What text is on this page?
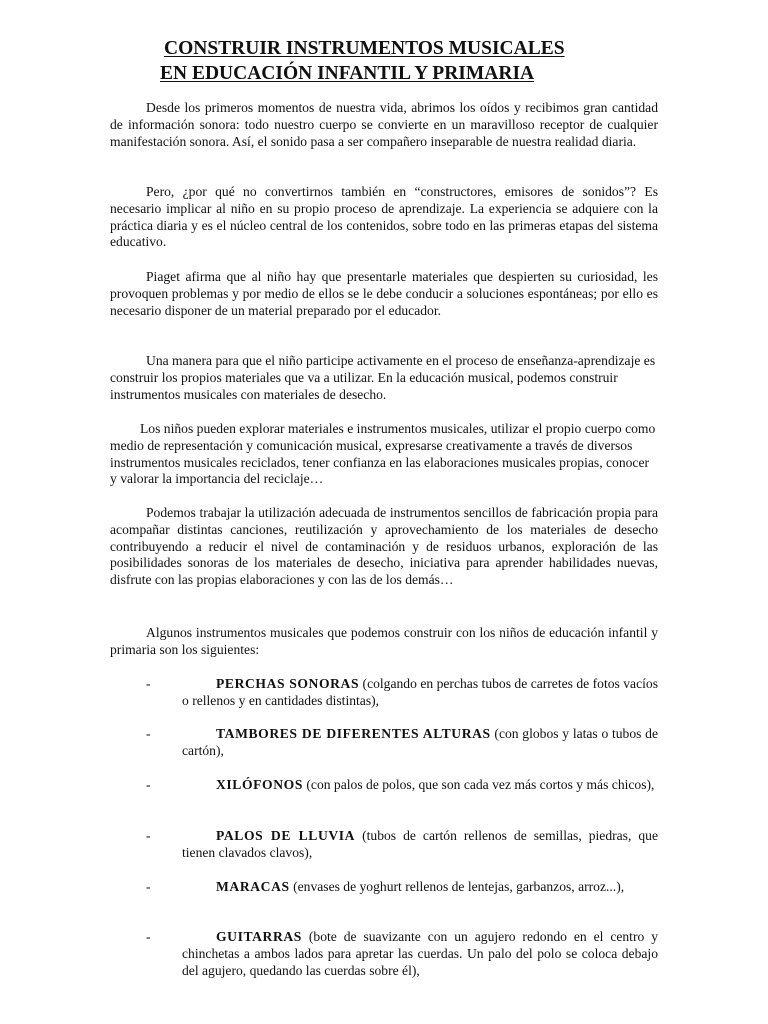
CONSTRUIR INSTRUMENTOS MUSICALES
EN EDUCACIÓN INFANTIL Y PRIMARIA

Desde los primeros momentos de nuestra vida, abrimos los oídos y recibimos gran cantidad de información sonora: todo nuestro cuerpo se convierte en un maravilloso receptor de cualquier manifestación sonora. Así, el sonido pasa a ser compañero inseparable de nuestra realidad diaria.

Pero, ¿por qué no convertirnos también en “constructores, emisores de sonidos”? Es necesario implicar al niño en su propio proceso de aprendizaje. La experiencia se adquiere con la práctica diaria y es el núcleo central de los contenidos, sobre todo en las primeras etapas del sistema educativo.

Piaget afirma que al niño hay que presentarle materiales que despierten su curiosidad, les provoquen problemas y por medio de ellos se le debe conducir a soluciones espontáneas; por ello es necesario disponer de un material preparado por el educador.

Una manera para que el niño participe activamente en el proceso de enseñanza-aprendizaje es construir los propios materiales que va a utilizar. En la educación musical, podemos construir instrumentos musicales con materiales de desecho.

Los niños pueden explorar materiales e instrumentos musicales, utilizar el propio cuerpo como medio de representación y comunicación musical, expresarse creativamente a través de diversos instrumentos musicales reciclados, tener confianza en las elaboraciones musicales propias, conocer y valorar la importancia del reciclaje…

Podemos trabajar la utilización adecuada de instrumentos sencillos de fabricación propia para acompañar distintas canciones, reutilización y aprovechamiento de los materiales de desecho contribuyendo a reducir el nivel de contaminación y de residuos urbanos, exploración de las posibilidades sonoras de los materiales de desecho, iniciativa para aprender habilidades nuevas, disfrute con las propias elaboraciones y con las de los demás…

Algunos instrumentos musicales que podemos construir con los niños de educación infantil y primaria son los siguientes:

-	PERCHAS SONORAS (colgando en perchas tubos de carretes de fotos vacíos o rellenos y en cantidades distintas),
-	TAMBORES DE DIFERENTES ALTURAS (con globos y latas o tubos de cartón),
-	XILÓFONOS (con palos de polos, que son cada vez más cortos y más chicos),
-	PALOS DE LLUVIA (tubos de cartón rellenos de semillas, piedras, que tienen clavados clavos),
-	MARACAS (envases de yoghurt rellenos de lentejas, garbanzos, arroz...),
-	GUITARRAS (bote de suavizante con un agujero redondo en el centro y chinchetas a ambos lados para apretar las cuerdas. Un palo del polo se coloca debajo del agujero, quedando las cuerdas sobre él),
